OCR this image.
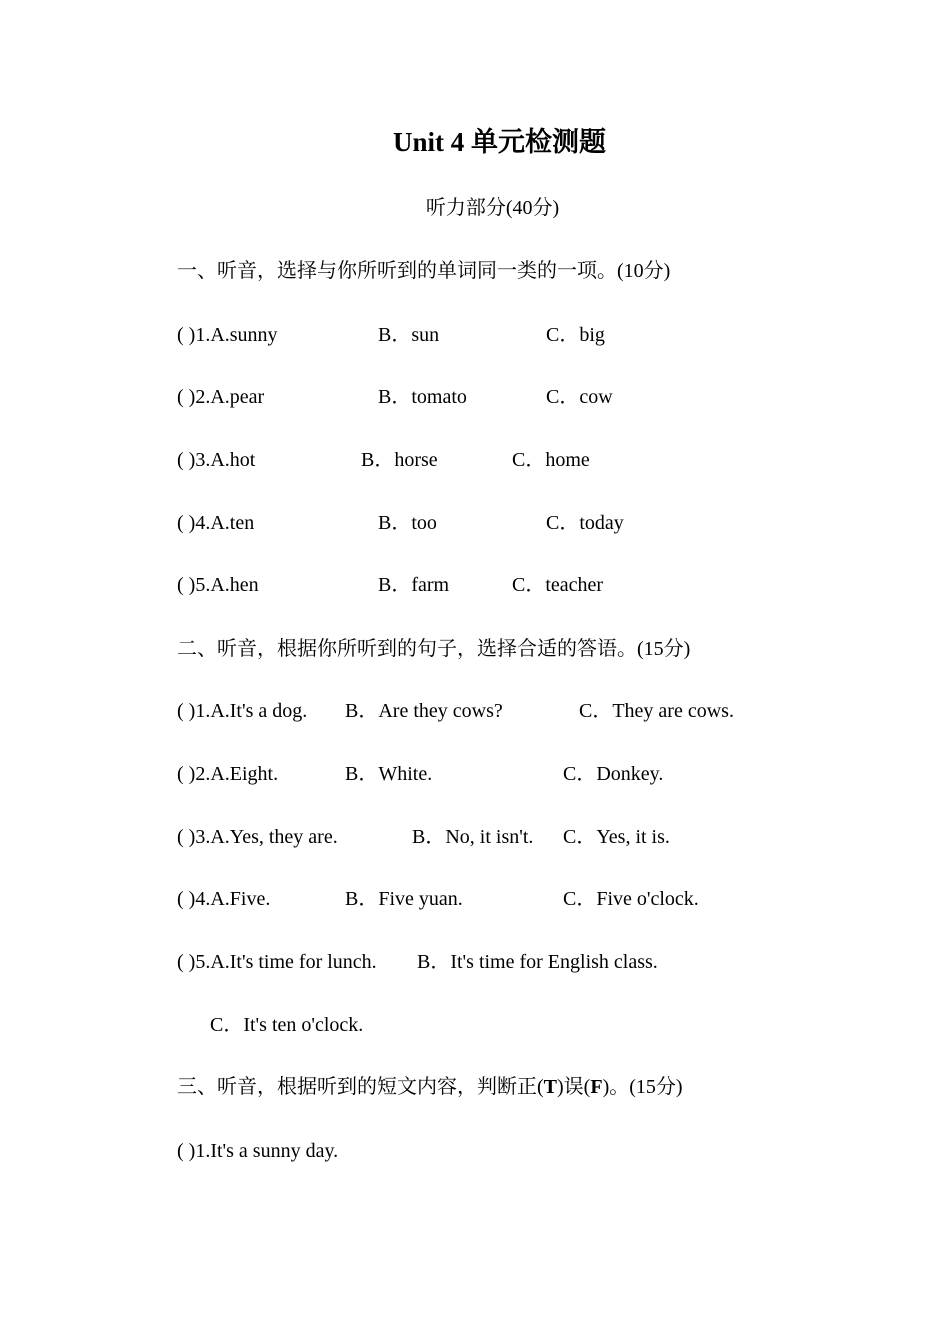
Unit 4 单元检测题
听力部分(40分)
一、听音，选择与你所听到的单词同一类的一项。(10分)
( )1.A.sunny	B．sun	C．big
( )2.A.pear	B．tomato	C．cow
( )3.A.hot	B．horse	C．home
( )4.A.ten	B．too	C．today
( )5.A.hen	B．farm	C．teacher
二、听音，根据你所听到的句子，选择合适的答语。(15分)
( )1.A.It's a dog. B．Are they cows?	C．They are cows.
( )2.A.Eight.	B．White.	C．Donkey.
( )3.A.Yes, they are.	B．No, it isn't. C．Yes, it is.
( )4.A.Five.	B．Five yuan.	C．Five o'clock.
( )5.A.It's time for lunch. B．It's time for English class.
C．It's ten o'clock.
三、听音，根据听到的短文内容，判断正(T)误(F)。(15分)
( )1.It's a sunny day.
